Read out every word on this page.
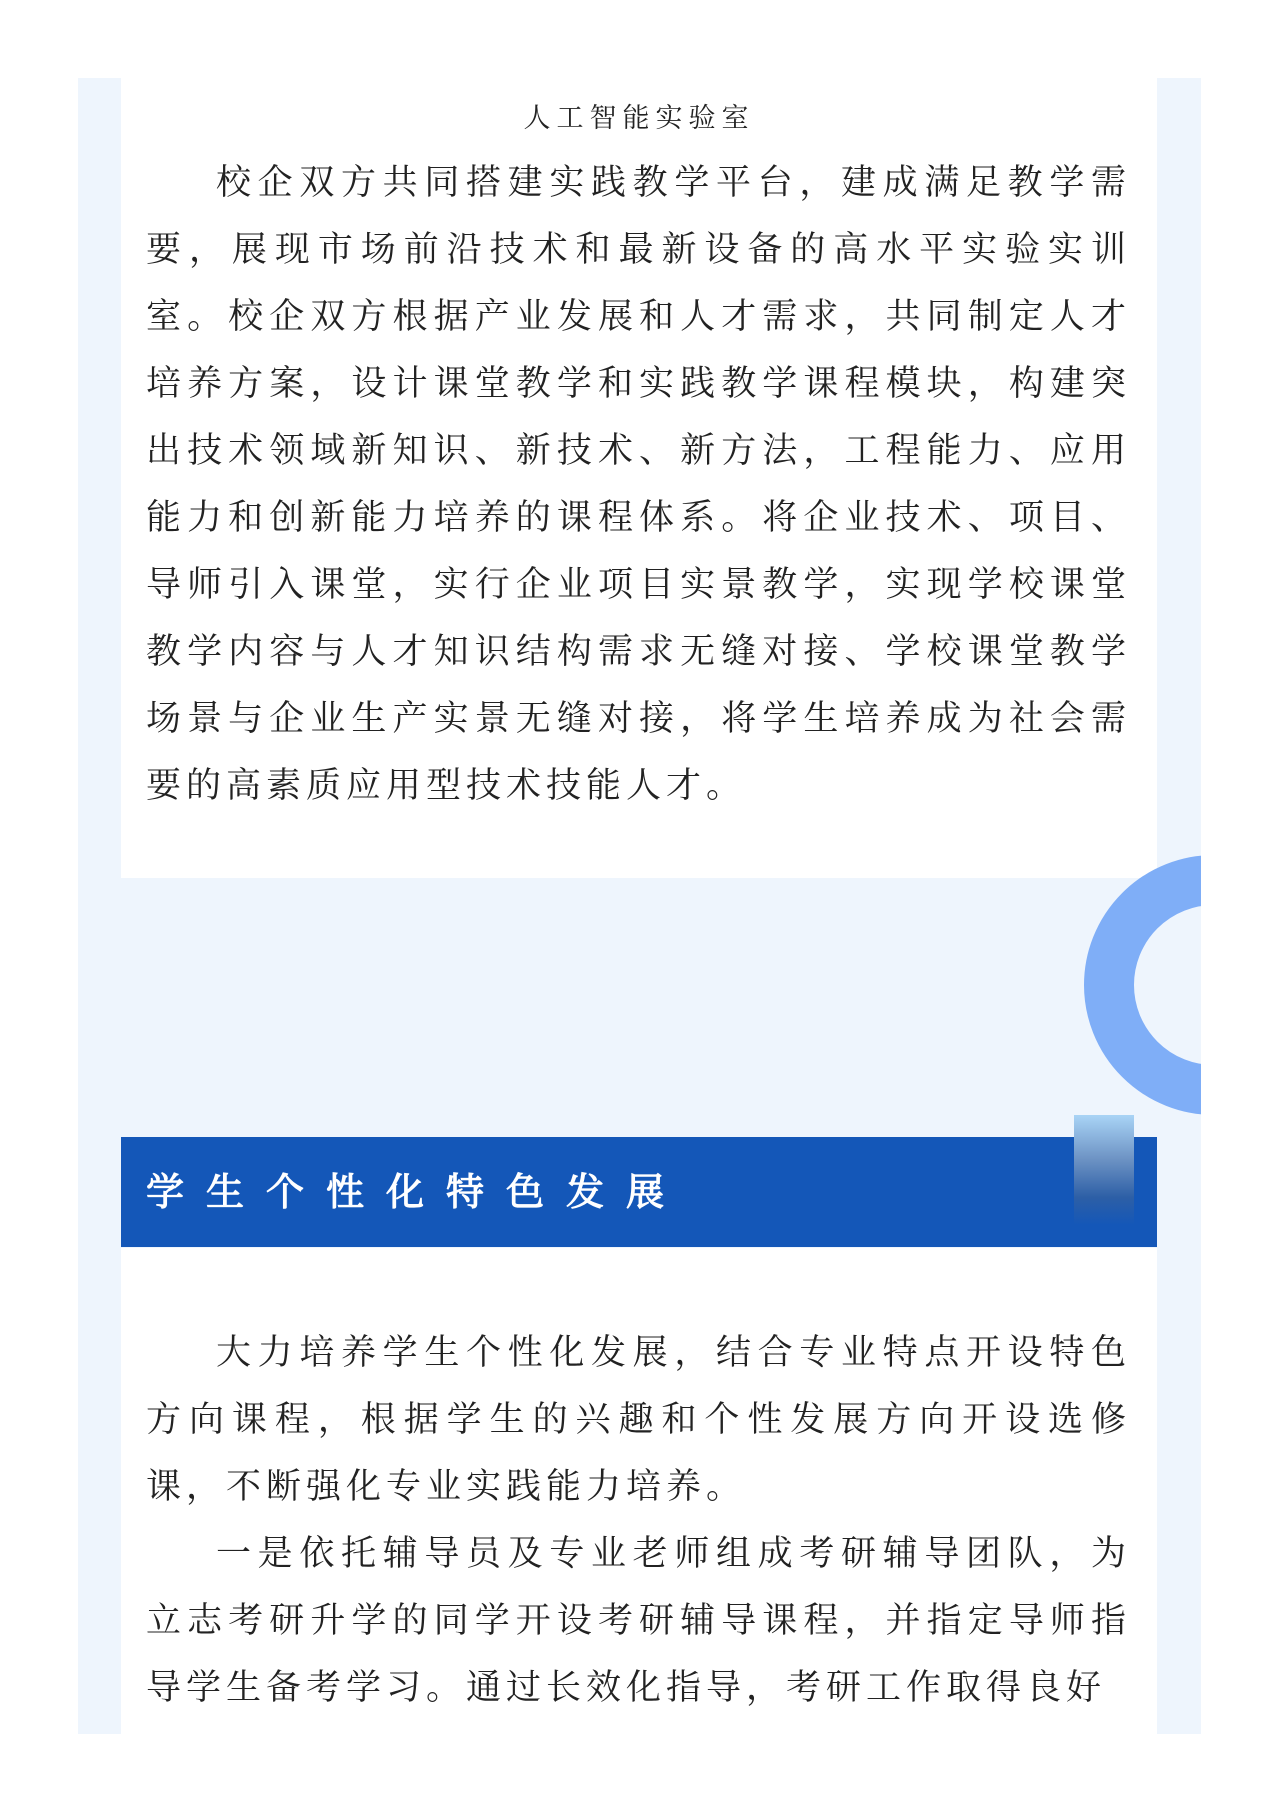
人工智能实验室

校企双方共同搭建实践教学平台，建成满足教学需要，展现市场前沿技术和最新设备的高水平实验实训室。校企双方根据产业发展和人才需求，共同制定人才培养方案，设计课堂教学和实践教学课程模块，构建突出技术领域新知识、新技术、新方法，工程能力、应用能力和创新能力培养的课程体系。将企业技术、项目、导师引入课堂，实行企业项目实景教学，实现学校课堂教学内容与人才知识结构需求无缝对接、学校课堂教学场景与企业生产实景无缝对接，将学生培养成为社会需要的高素质应用型技术技能人才。

学生个性化特色发展

大力培养学生个性化发展，结合专业特点开设特色方向课程，根据学生的兴趣和个性发展方向开设选修课，不断强化专业实践能力培养。

一是依托辅导员及专业老师组成考研辅导团队，为立志考研升学的同学开设考研辅导课程，并指定导师指导学生备考学习。通过长效化指导，考研工作取得良好
